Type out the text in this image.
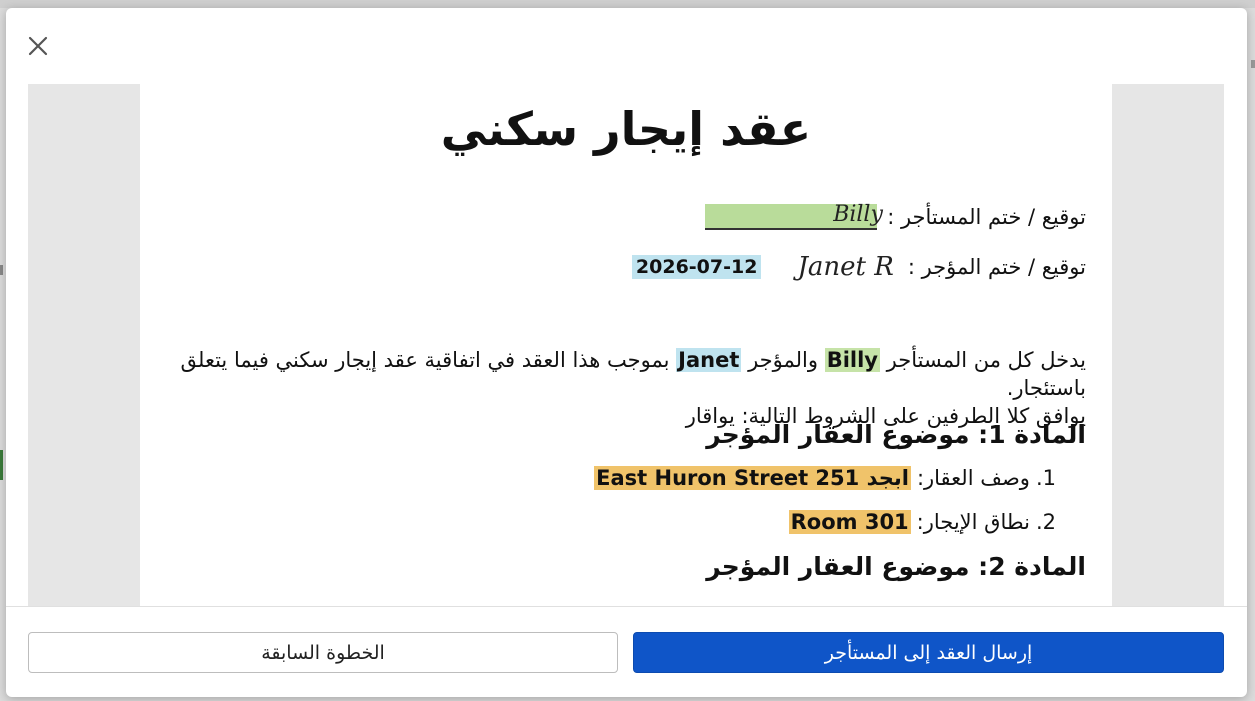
عقد إيجار سكني
توقيع / ختم المستأجر :
Billy
توقيع / ختم المؤجر :
Janet R
2026-07-12
يدخل كل من المستأجر Billy والمؤجر Janet بموجب هذا العقد في اتفاقية عقد إيجار سكني فيما يتعلق باستئجار.
يوافق كلا الطرفين على الشروط التالية: يواقار
المادة 1: موضوع العقار المؤجر
1.
وصف العقار:
ابجد 251 East Huron Street
2.
نطاق الإيجار:
Room 301
المادة 2: موضوع العقار المؤجر
الخطوة السابقة	إرسال العقد إلى المستأجر
